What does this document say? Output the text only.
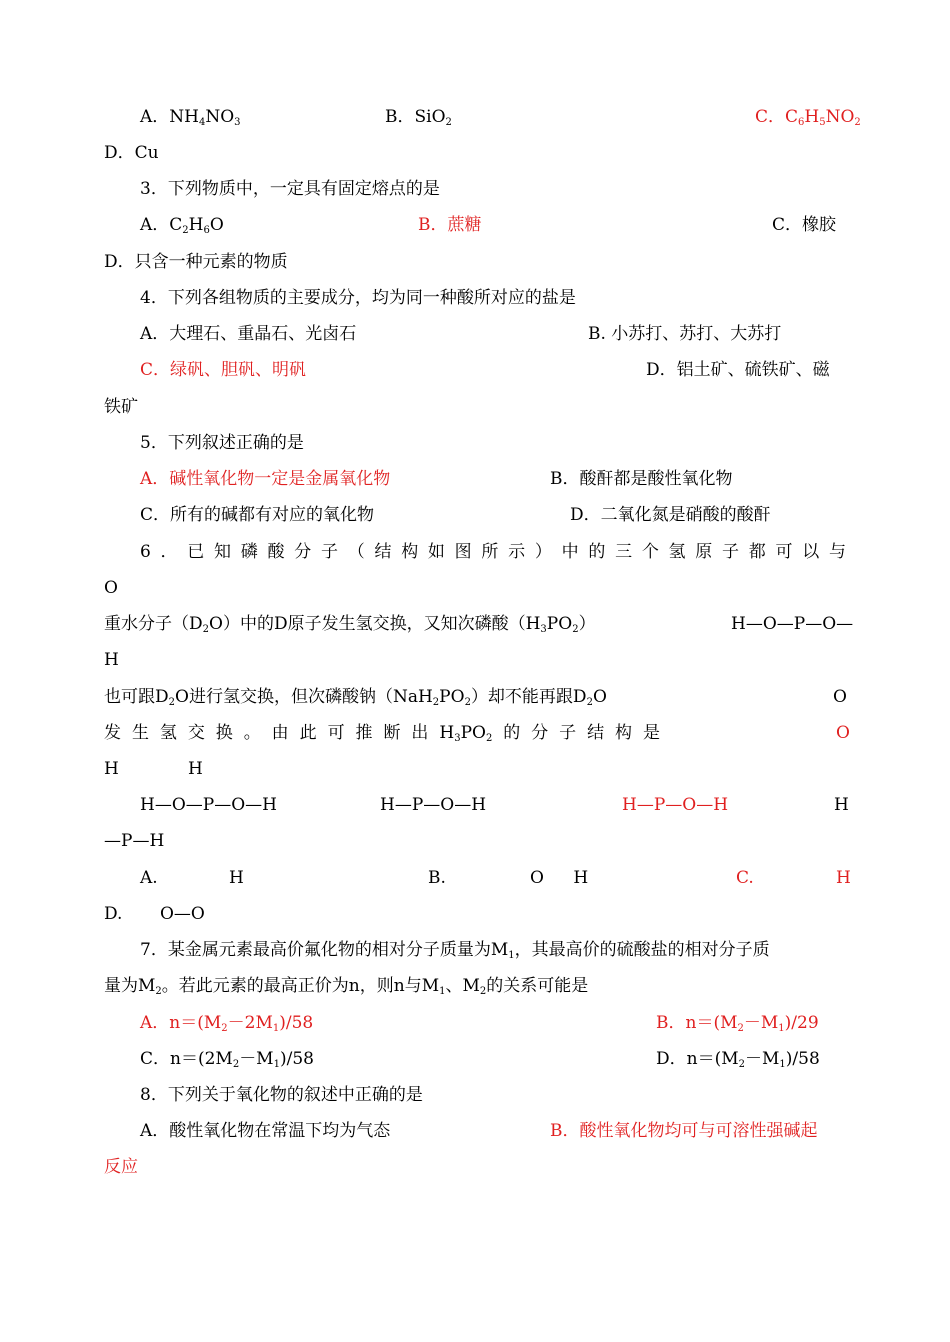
A．$NH_4NO_3$	B．SiO$_2$	C．$C_6H_5NO_2$
D．Cu
3．下列物质中，一定具有固定熔点的是
A．$C_2H_6O$	B．蔗糖	C．橡胶
D．只含一种元素的物质
4．下列各组物质的主要成分，均为同一种酸所对应的盐是
A．大理石、重晶石、光卤石	B. 小苏打、苏打、大苏打
C．绿矾、胆矾、明矾	D．铝土矿、硫铁矿、磁
铁矿
5．下列叙述正确的是
A．碱性氧化物一定是金属氧化物	B．酸酐都是酸性氧化物
C．所有的碱都有对应的氧化物	D．二氧化氮是硝酸的酸酐
6．已知磷酸分子（结构如图所示）中的三个氢原子都可以与
O
重水分子$(D_2O)$中的D原子发生氢交换，又知次磷酸$(H_3PO_2)$	H—O—P—O—
H
也可跟$D_2O$进行氢交换，但次磷酸钠$(NaH_2PO_2)$却不能再跟$D_2O$	O
发生氢交换。由此可推断出$H_3PO_2$的分子结构是	O
H	H
H—O—P—O—H	H—P—O—H	H—P—O—H	H
—P—H
A.	H	B.	O H	C.	H
D. O—O
7．某金属元素最高价氟化物的相对分子质量为$M_1$，其最高价的硫酸盐的相对分子质
量为$M_2$。若此元素的最高正价为n，则n与$M_1$、$M_2$的关系可能是
A．$n=(M_2-2M_1)/58$	B．$n=(M_2-M_1)/29$
C．$n=(2M_2-M_1)/58$	D．$n=(M_2-M_1)/58$
8．下列关于氧化物的叙述中正确的是
A．酸性氧化物在常温下均为气态	B．酸性氧化物均可与可溶性强碱起
反应
